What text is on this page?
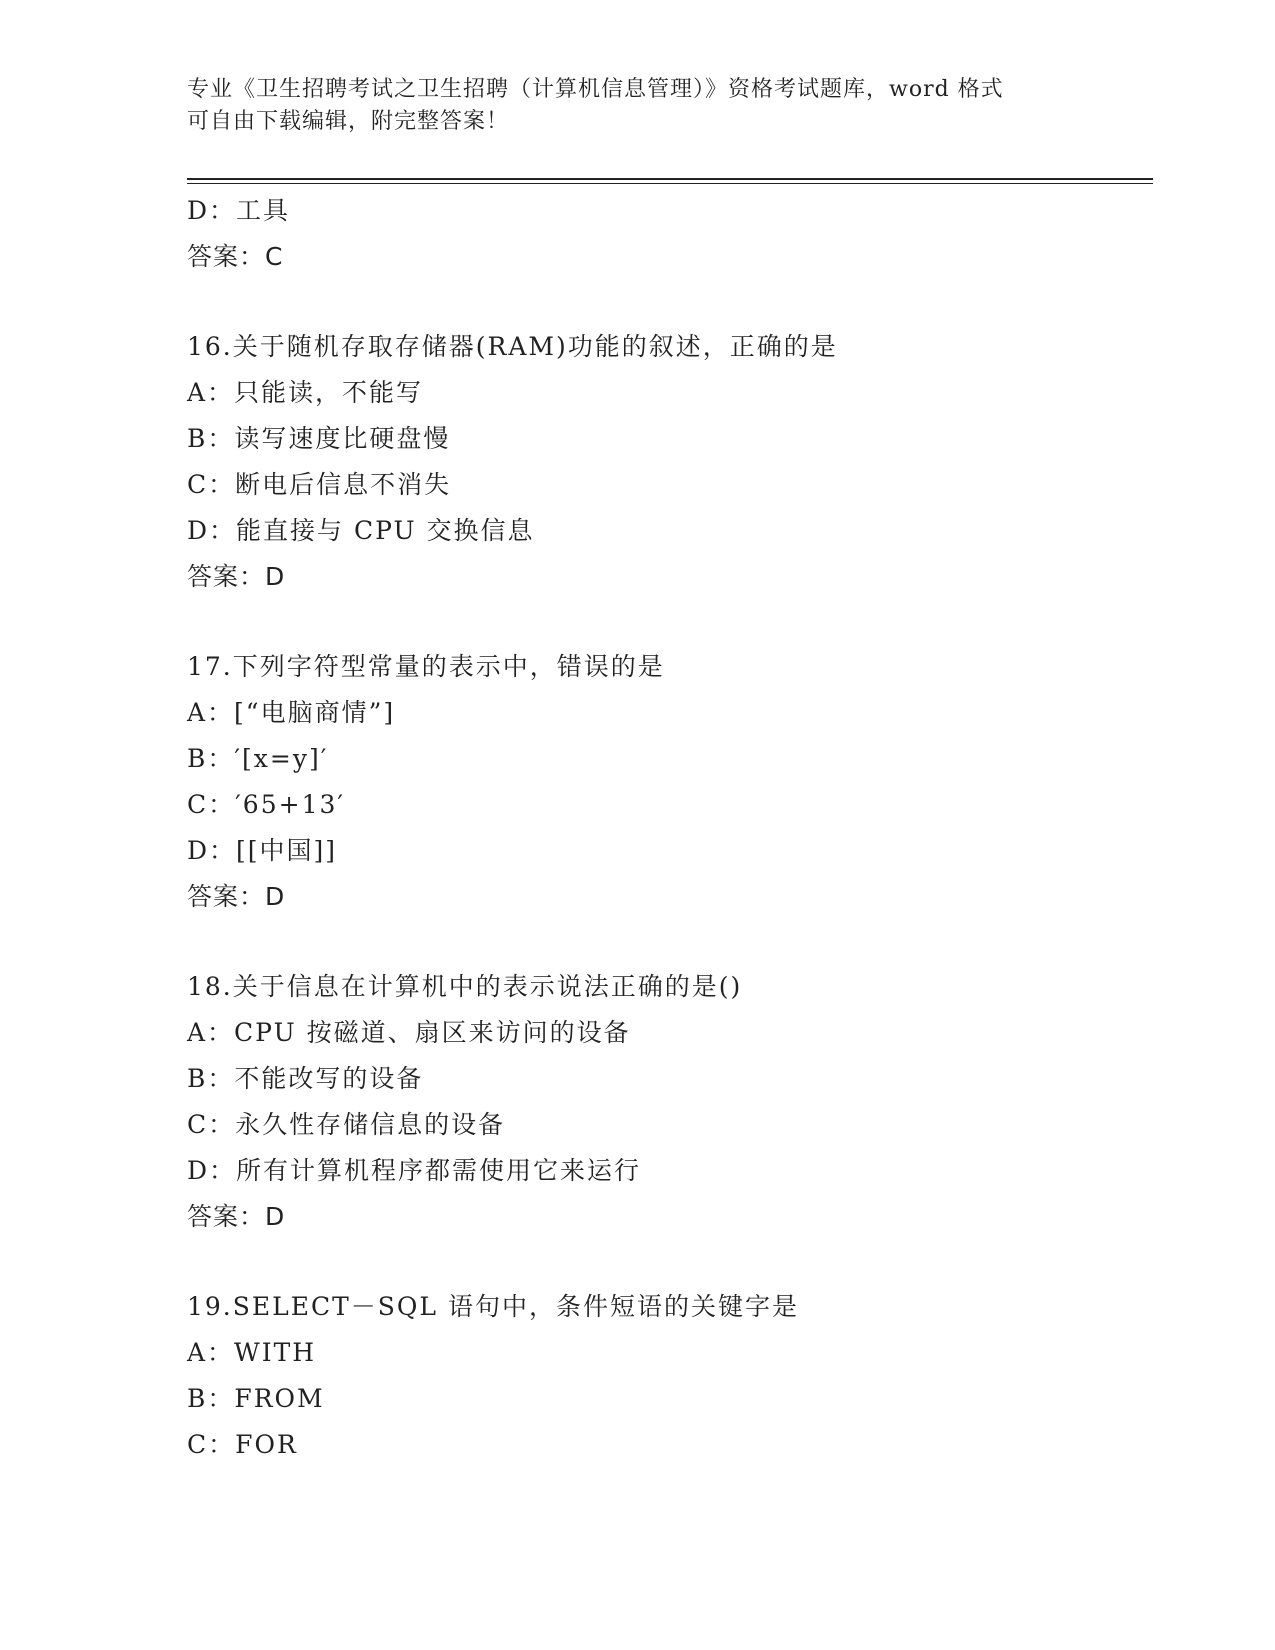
专业《卫生招聘考试之卫生招聘（计算机信息管理）》资格考试题库，word 格式
可自由下载编辑，附完整答案！
D：工具
答案：C
16.关于随机存取存储器(RAM)功能的叙述，正确的是
A：只能读，不能写
B：读写速度比硬盘慢
C：断电后信息不消失
D：能直接与 CPU 交换信息
答案：D
17.下列字符型常量的表示中，错误的是
A：[“电脑商情”]
B：′[x=y]′
C：′65+13′
D：[[中国]]
答案：D
18.关于信息在计算机中的表示说法正确的是()
A：CPU 按磁道、扇区来访问的设备
B：不能改写的设备
C：永久性存储信息的设备
D：所有计算机程序都需使用它来运行
答案：D
19.SELECT－SQL 语句中，条件短语的关键字是
A：WITH
B：FROM
C：FOR
